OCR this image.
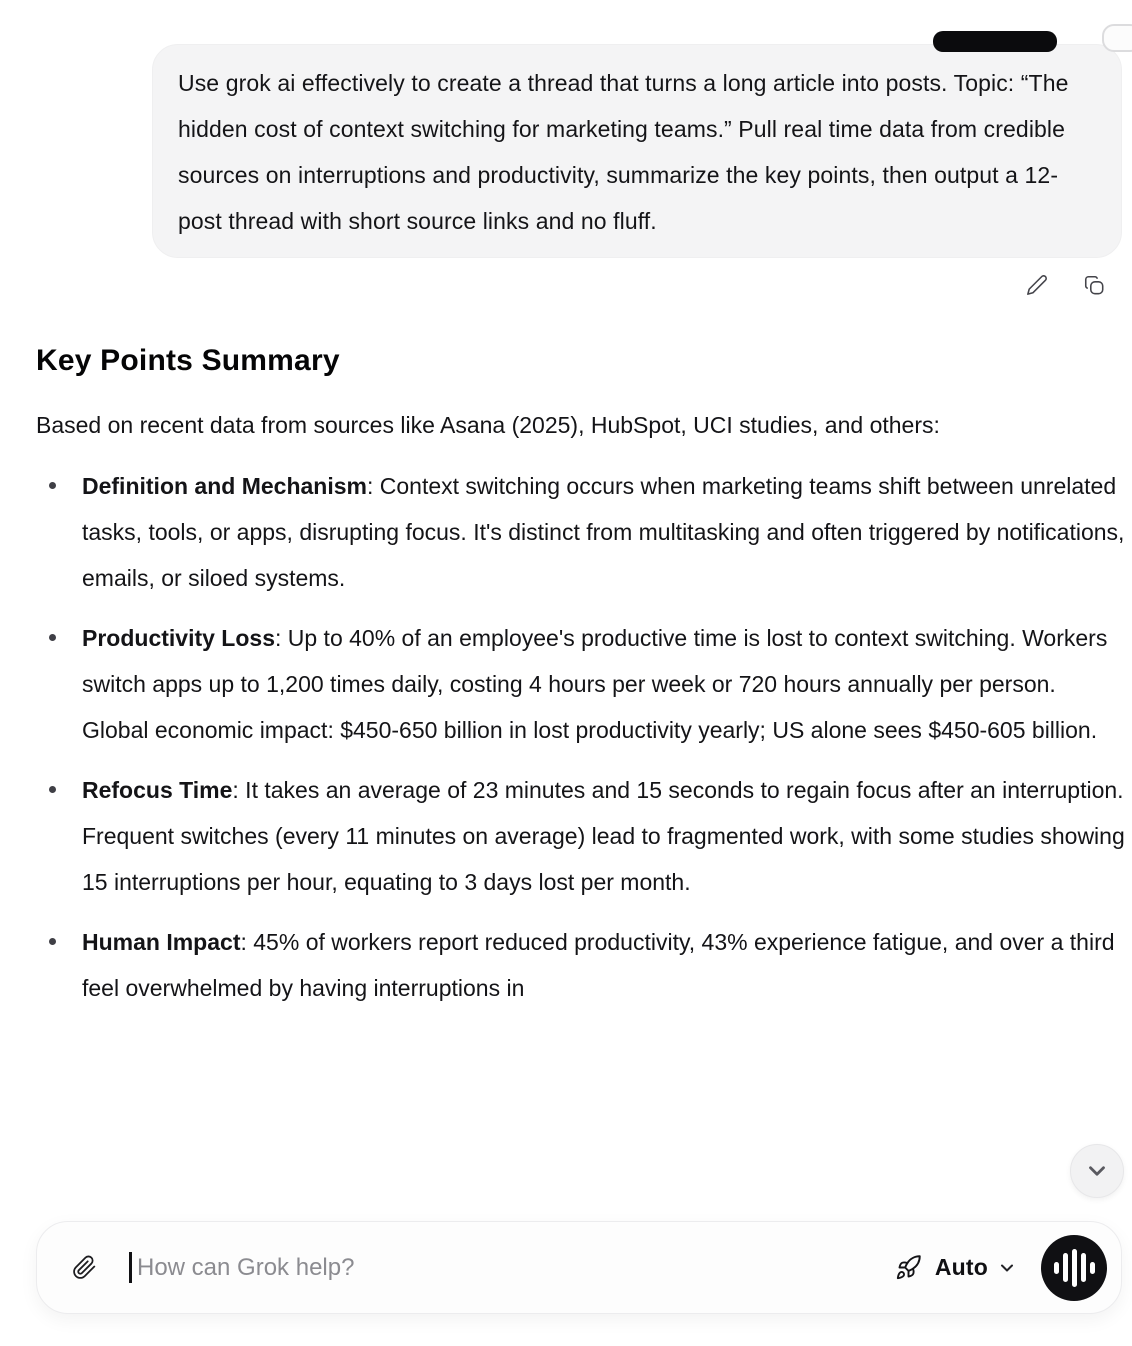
Use grok ai effectively to create a thread that turns a long article into posts. Topic: “The hidden cost of context switching for marketing teams.” Pull real time data from credible sources on interruptions and productivity, summarize the key points, then output a 12-post thread with short source links and no fluff.
Key Points Summary

Based on recent data from sources like Asana (2025), HubSpot, UCI studies, and others:

Definition and Mechanism: Context switching occurs when marketing teams shift between unrelated tasks, tools, or apps, disrupting focus. It's distinct from multitasking and often triggered by notifications, emails, or siloed systems.
Productivity Loss: Up to 40% of an employee's productive time is lost to context switching. Workers switch apps up to 1,200 times daily, costing 4 hours per week or 720 hours annually per person. Global economic impact: $450-650 billion in lost productivity yearly; US alone sees $450-605 billion.
Refocus Time: It takes an average of 23 minutes and 15 seconds to regain focus after an interruption. Frequent switches (every 11 minutes on average) lead to fragmented work, with some studies showing 15 interruptions per hour, equating to 3 days lost per month.
Human Impact: 45% of workers report reduced productivity, 43% experience fatigue, and over a third feel overwhelmed by having interruptions in
How can Grok help?	Auto
